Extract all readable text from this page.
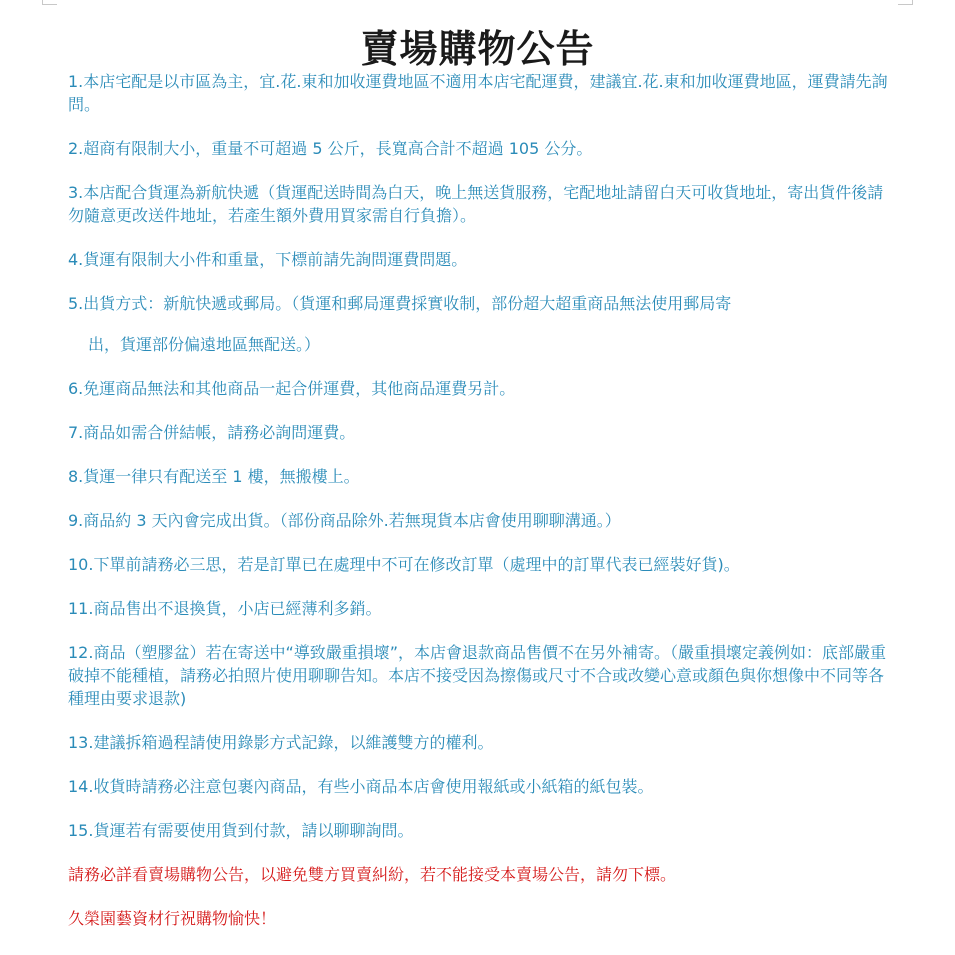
賣場購物公告
1.本店宅配是以市區為主，宜.花.東和加收運費地區不適用本店宅配運費，建議宜.花.東和加收運費地區，運費請先詢問。
2.超商有限制大小，重量不可超過 5 公斤，長寬高合計不超過 105 公分。
3.本店配合貨運為新航快遞（貨運配送時間為白天，晚上無送貨服務，宅配地址請留白天可收貨地址，寄出貨件後請勿隨意更改送件地址，若產生額外費用買家需自行負擔）。
4.貨運有限制大小件和重量，下標前請先詢問運費問題。
5.出貨方式：新航快遞或郵局。（貨運和郵局運費採實收制，部份超大超重商品無法使用郵局寄
出，貨運部份偏遠地區無配送。）
6.免運商品無法和其他商品一起合併運費，其他商品運費另計。
7.商品如需合併結帳，請務必詢問運費。
8.貨運一律只有配送至 1 樓，無搬樓上。
9.商品約 3 天內會完成出貨。（部份商品除外.若無現貨本店會使用聊聊溝通。）
10.下單前請務必三思，若是訂單已在處理中不可在修改訂單（處理中的訂單代表已經裝好貨)。
11.商品售出不退換貨，小店已經薄利多銷。
12.商品（塑膠盆）若在寄送中“導致嚴重損壞”，本店會退款商品售價不在另外補寄。（嚴重損壞定義例如：底部嚴重破掉不能種植，請務必拍照片使用聊聊告知。本店不接受因為擦傷或尺寸不合或改變心意或顏色與你想像中不同等各種理由要求退款)
13.建議拆箱過程請使用錄影方式記錄，以維護雙方的權利。
14.收貨時請務必注意包裹內商品，有些小商品本店會使用報紙或小紙箱的紙包裝。
15.貨運若有需要使用貨到付款，請以聊聊詢問。
請務必詳看賣場購物公告，以避免雙方買賣糾紛，若不能接受本賣場公告，請勿下標。
久榮園藝資材行祝購物愉快！
